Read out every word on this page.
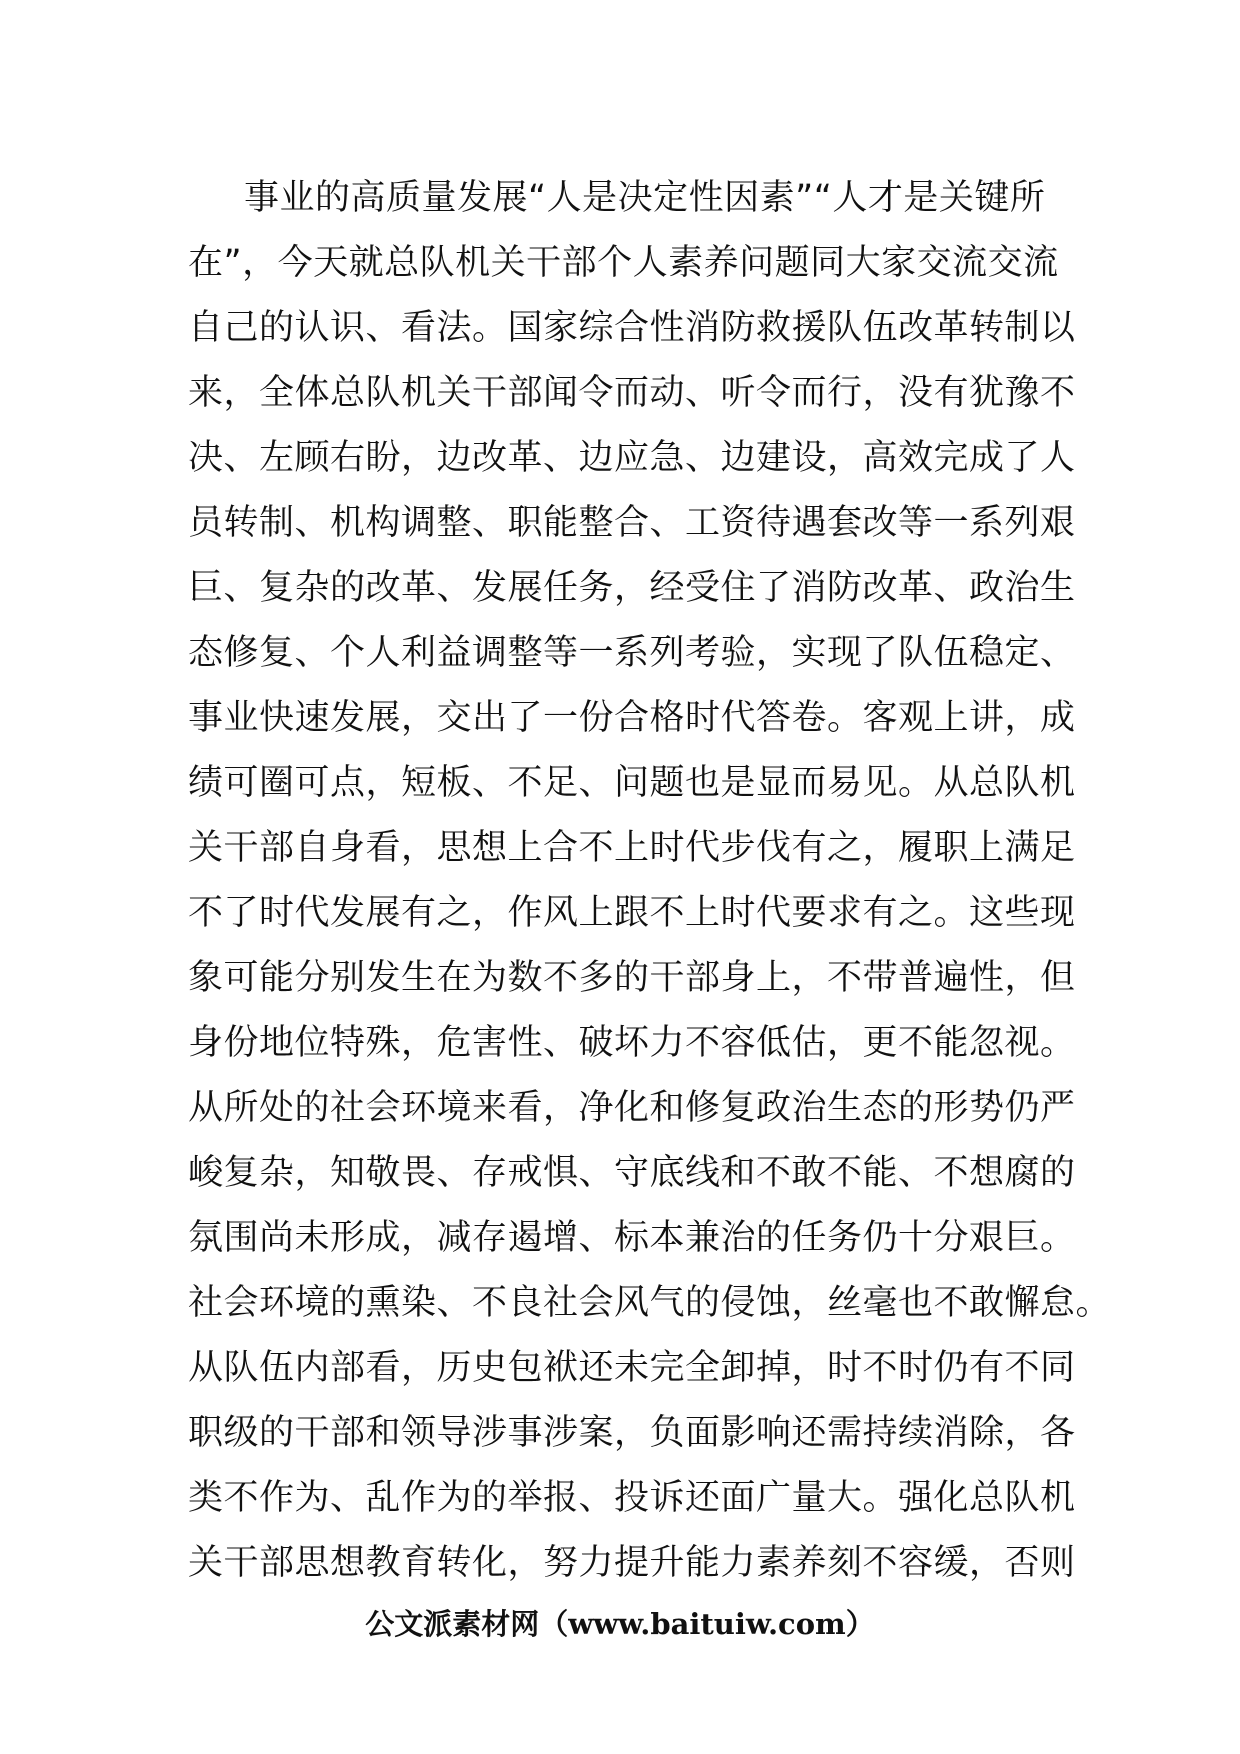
事业的高质量发展“人是决定性因素”“人才是关键所
在”，今天就总队机关干部个人素养问题同大家交流交流
自己的认识、看法。国家综合性消防救援队伍改革转制以
来，全体总队机关干部闻令而动、听令而行，没有犹豫不
决、左顾右盼，边改革、边应急、边建设，高效完成了人
员转制、机构调整、职能整合、工资待遇套改等一系列艰
巨、复杂的改革、发展任务，经受住了消防改革、政治生
态修复、个人利益调整等一系列考验，实现了队伍稳定、
事业快速发展，交出了一份合格时代答卷。客观上讲，成
绩可圈可点，短板、不足、问题也是显而易见。从总队机
关干部自身看，思想上合不上时代步伐有之，履职上满足
不了时代发展有之，作风上跟不上时代要求有之。这些现
象可能分别发生在为数不多的干部身上，不带普遍性，但
身份地位特殊，危害性、破坏力不容低估，更不能忽视。
从所处的社会环境来看，净化和修复政治生态的形势仍严
峻复杂，知敬畏、存戒惧、守底线和不敢不能、不想腐的
氛围尚未形成，减存遏增、标本兼治的任务仍十分艰巨。
社会环境的熏染、不良社会风气的侵蚀，丝毫也不敢懈怠。
从队伍内部看，历史包袱还未完全卸掉，时不时仍有不同
职级的干部和领导涉事涉案，负面影响还需持续消除，各
类不作为、乱作为的举报、投诉还面广量大。强化总队机
关干部思想教育转化，努力提升能力素养刻不容缓，否则
公文派素材网（www.baituiw.com）
